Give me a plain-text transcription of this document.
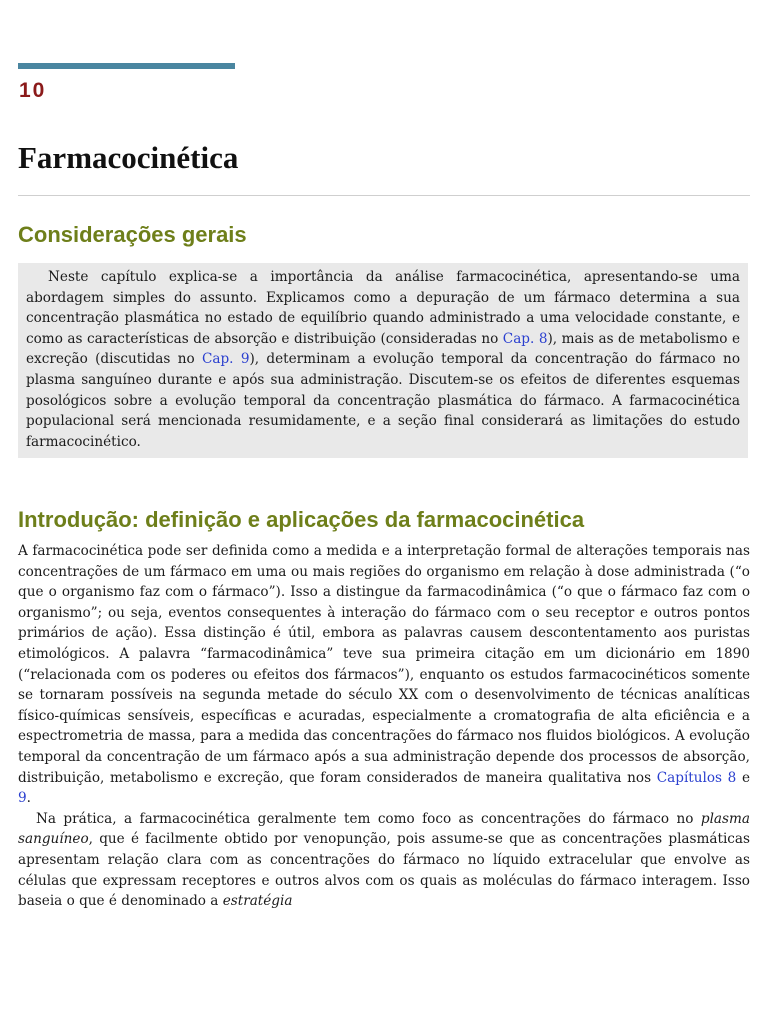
10
Farmacocinética
Considerações gerais
Neste capítulo explica-se a importância da análise farmacocinética, apresentando-se uma abordagem simples do assunto. Explicamos como a depuração de um fármaco determina a sua concentração plasmática no estado de equilíbrio quando administrado a uma velocidade constante, e como as características de absorção e distribuição (consideradas no Cap. 8), mais as de metabolismo e excreção (discutidas no Cap. 9), determinam a evolução temporal da concentração do fármaco no plasma sanguíneo durante e após sua administração. Discutem-se os efeitos de diferentes esquemas posológicos sobre a evolução temporal da concentração plasmática do fármaco. A farmacocinética populacional será mencionada resumidamente, e a seção final considerará as limitações do estudo farmacocinético.
Introdução: definição e aplicações da farmacocinética

A farmacocinética pode ser definida como a medida e a interpretação formal de alterações temporais nas concentrações de um fármaco em uma ou mais regiões do organismo em relação à dose administrada (“o que o organismo faz com o fármaco”). Isso a distingue da farmacodinâmica (“o que o fármaco faz com o organismo”; ou seja, eventos consequentes à interação do fármaco com o seu receptor e outros pontos primários de ação). Essa distinção é útil, embora as palavras causem descontentamento aos puristas etimológicos. A palavra “farmacodinâmica” teve sua primeira citação em um dicionário em 1890 (“relacionada com os poderes ou efeitos dos fármacos”), enquanto os estudos farmacocinéticos somente se tornaram possíveis na segunda metade do século XX com o desenvolvimento de técnicas analíticas físico-químicas sensíveis, específicas e acuradas, especialmente a cromatografia de alta eficiência e a espectrometria de massa, para a medida das concentrações do fármaco nos fluidos biológicos. A evolução temporal da concentração de um fármaco após a sua administração depende dos processos de absorção, distribuição, metabolismo e excreção, que foram considerados de maneira qualitativa nos Capítulos 8 e 9.

Na prática, a farmacocinética geralmente tem como foco as concentrações do fármaco no plasma sanguíneo, que é facilmente obtido por venopunção, pois assume-se que as concentrações plasmáticas apresentam relação clara com as concentrações do fármaco no líquido extracelular que envolve as células que expressam receptores e outros alvos com os quais as moléculas do fármaco interagem. Isso baseia o que é denominado a estratégia
